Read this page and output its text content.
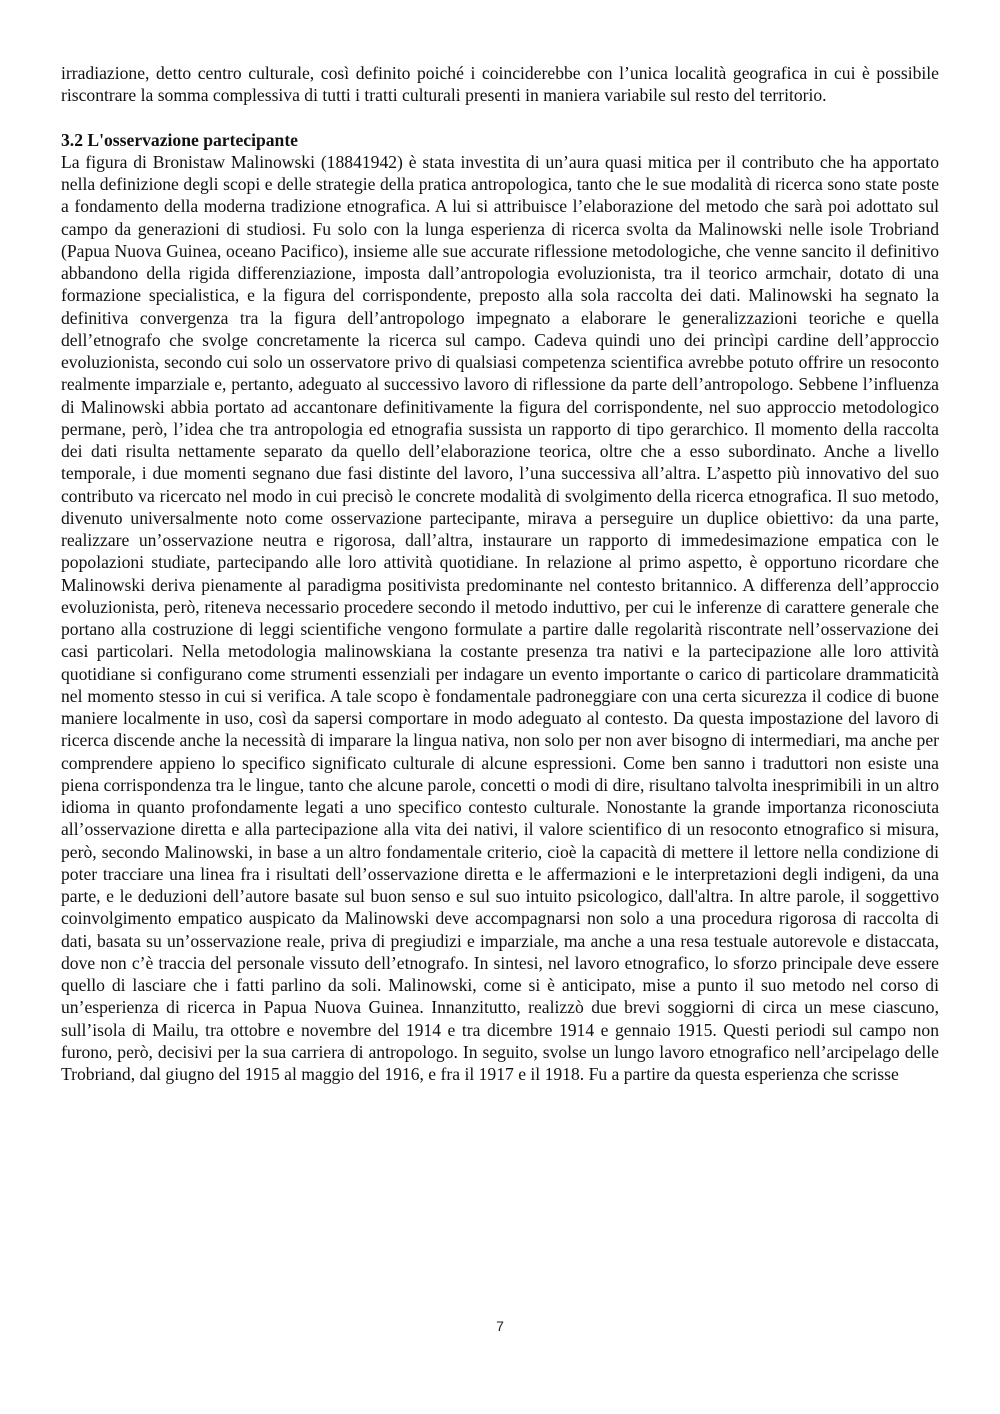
irradiazione, detto centro culturale, così definito poiché i coinciderebbe con l’unica località geografica in cui è possibile riscontrare la somma complessiva di tutti i tratti culturali presenti in maniera variabile sul resto del territorio.

3.2 L'osservazione partecipante

La figura di Bronistaw Malinowski (18841942) è stata investita di un’aura quasi mitica per il contributo che ha apportato nella definizione degli scopi e delle strategie della pratica antropologica, tanto che le sue modalità di ricerca sono state poste a fondamento della moderna tradizione etnografica. A lui si attribuisce l’elaborazione del metodo che sarà poi adottato sul campo da generazioni di studiosi. Fu solo con la lunga esperienza di ricerca svolta da Malinowski nelle isole Trobriand (Papua Nuova Guinea, oceano Pacifico), insieme alle sue accurate riflessione metodologiche, che venne sancito il definitivo abbandono della rigida differenziazione, imposta dall’antropologia evoluzionista, tra il teorico armchair, dotato di una formazione specialistica, e la figura del corrispondente, preposto alla sola raccolta dei dati. Malinowski ha segnato la definitiva convergenza tra la figura dell’antropologo impegnato a elaborare le generalizzazioni teoriche e quella dell’etnografo che svolge concretamente la ricerca sul campo. Cadeva quindi uno dei princìpi cardine dell’approccio evoluzionista, secondo cui solo un osservatore privo di qualsiasi competenza scientifica avrebbe potuto offrire un resoconto realmente imparziale e, pertanto, adeguato al successivo lavoro di riflessione da parte dell’antropologo. Sebbene l’influenza di Malinowski abbia portato ad accantonare definitivamente la figura del corrispondente, nel suo approccio metodologico permane, però, l’idea che tra antropologia ed etnografia sussista un rapporto di tipo gerarchico. Il momento della raccolta dei dati risulta nettamente separato da quello dell’elaborazione teorica, oltre che a esso subordinato. Anche a livello temporale, i due momenti segnano due fasi distinte del lavoro, l’una successiva all’altra. L’aspetto più innovativo del suo contributo va ricercato nel modo in cui precisò le concrete modalità di svolgimento della ricerca etnografica. Il suo metodo, divenuto universalmente noto come osservazione partecipante, mirava a perseguire un duplice obiettivo: da una parte, realizzare un’osservazione neutra e rigorosa, dall’altra, instaurare un rapporto di immedesimazione empatica con le popolazioni studiate, partecipando alle loro attività quotidiane. In relazione al primo aspetto, è opportuno ricordare che Malinowski deriva pienamente al paradigma positivista predominante nel contesto britannico. A differenza dell’approccio evoluzionista, però, riteneva necessario procedere secondo il metodo induttivo, per cui le inferenze di carattere generale che portano alla costruzione di leggi scientifiche vengono formulate a partire dalle regolarità riscontrate nell’osservazione dei casi particolari. Nella metodologia malinowskiana la costante presenza tra nativi e la partecipazione alle loro attività quotidiane si configurano come strumenti essenziali per indagare un evento importante o carico di particolare drammaticità nel momento stesso in cui si verifica. A tale scopo è fondamentale padroneggiare con una certa sicurezza il codice di buone maniere localmente in uso, così da sapersi comportare in modo adeguato al contesto. Da questa impostazione del lavoro di ricerca discende anche la necessità di imparare la lingua nativa, non solo per non aver bisogno di intermediari, ma anche per comprendere appieno lo specifico significato culturale di alcune espressioni. Come ben sanno i traduttori non esiste una piena corrispondenza tra le lingue, tanto che alcune parole, concetti o modi di dire, risultano talvolta inesprimibili in un altro idioma in quanto profondamente legati a uno specifico contesto culturale. Nonostante la grande importanza riconosciuta all’osservazione diretta e alla partecipazione alla vita dei nativi, il valore scientifico di un resoconto etnografico si misura, però, secondo Malinowski, in base a un altro fondamentale criterio, cioè la capacità di mettere il lettore nella condizione di poter tracciare una linea fra i risultati dell’osservazione diretta e le affermazioni e le interpretazioni degli indigeni, da una parte, e le deduzioni dell’autore basate sul buon senso e sul suo intuito psicologico, dall'altra. In altre parole, il soggettivo coinvolgimento empatico auspicato da Malinowski deve accompagnarsi non solo a una procedura rigorosa di raccolta di dati, basata su un’osservazione reale, priva di pregiudizi e imparziale, ma anche a una resa testuale autorevole e distaccata, dove non c’è traccia del personale vissuto dell’etnografo. In sintesi, nel lavoro etnografico, lo sforzo principale deve essere quello di lasciare che i fatti parlino da soli. Malinowski, come si è anticipato, mise a punto il suo metodo nel corso di un’esperienza di ricerca in Papua Nuova Guinea. Innanzitutto, realizzò due brevi soggiorni di circa un mese ciascuno, sull’isola di Mailu, tra ottobre e novembre del 1914 e tra dicembre 1914 e gennaio 1915. Questi periodi sul campo non furono, però, decisivi per la sua carriera di antropologo. In seguito, svolse un lungo lavoro etnografico nell’arcipelago delle Trobriand, dal giugno del 1915 al maggio del 1916, e fra il 1917 e il 1918. Fu a partire da questa esperienza che scrisse

7
